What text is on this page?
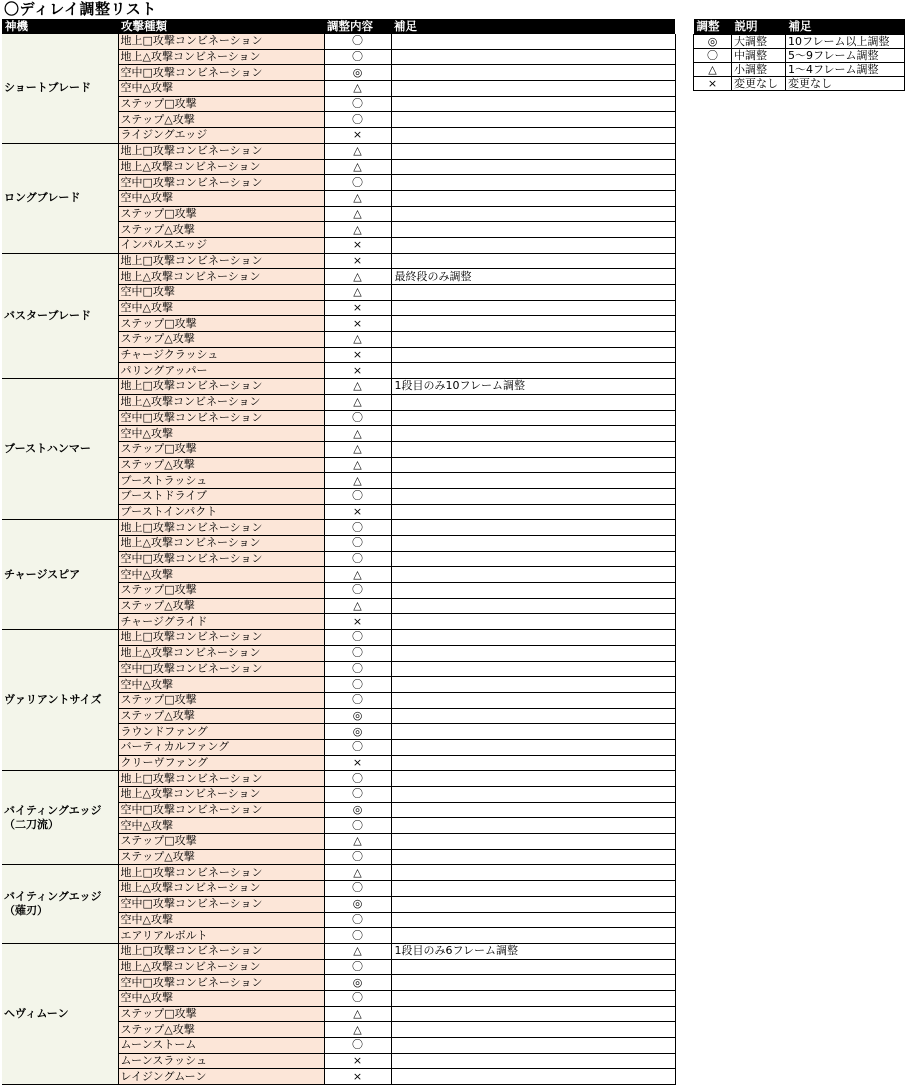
〇ディレイ調整リスト
神機	攻撃種類	調整内容	補足
ショートブレード	地上□攻撃コンビネーション	〇	
	地上△攻撃コンビネーション	〇	
	空中□攻撃コンビネーション	◎	
	空中△攻撃	△	
	ステップ□攻撃	〇	
	ステップ△攻撃	〇	
	ライジングエッジ	×	
ロングブレード	地上□攻撃コンビネーション	△	
	地上△攻撃コンビネーション	△	
	空中□攻撃コンビネーション	〇	
	空中△攻撃	△	
	ステップ□攻撃	△	
	ステップ△攻撃	△	
	インパルスエッジ	×	
バスターブレード	地上□攻撃コンビネーション	×	
	地上△攻撃コンビネーション	△	最終段のみ調整
	空中□攻撃	△	
	空中△攻撃	×	
	ステップ□攻撃	×	
	ステップ△攻撃	△	
	チャージクラッシュ	×	
	パリングアッパー	×	
ブーストハンマー	地上□攻撃コンビネーション	△	1段目のみ10フレーム調整
	地上△攻撃コンビネーション	△	
	空中□攻撃コンビネーション	〇	
	空中△攻撃	△	
	ステップ□攻撃	△	
	ステップ△攻撃	△	
	ブーストラッシュ	△	
	ブーストドライブ	〇	
	ブーストインパクト	×	
チャージスピア	地上□攻撃コンビネーション	〇	
	地上△攻撃コンビネーション	〇	
	空中□攻撃コンビネーション	〇	
	空中△攻撃	△	
	ステップ□攻撃	〇	
	ステップ△攻撃	△	
	チャージグライド	×	
ヴァリアントサイズ	地上□攻撃コンビネーション	〇	
	地上△攻撃コンビネーション	〇	
	空中□攻撃コンビネーション	〇	
	空中△攻撃	〇	
	ステップ□攻撃	〇	
	ステップ△攻撃	◎	
	ラウンドファング	◎	
	バーティカルファング	〇	
	クリーヴファング	×	
バイティングエッジ（二刀流）	地上□攻撃コンビネーション	〇	
	地上△攻撃コンビネーション	〇	
	空中□攻撃コンビネーション	◎	
	空中△攻撃	〇	
	ステップ□攻撃	△	
	ステップ△攻撃	〇	
バイティングエッジ（薙刃）	地上□攻撃コンビネーション	△	
	地上△攻撃コンビネーション	〇	
	空中□攻撃コンビネーション	◎	
	空中△攻撃	〇	
	エアリアルボルト	〇	
ヘヴィムーン	地上□攻撃コンビネーション	△	1段目のみ6フレーム調整
	地上△攻撃コンビネーション	〇	
	空中□攻撃コンビネーション	◎	
	空中△攻撃	〇	
	ステップ□攻撃	△	
	ステップ△攻撃	△	
	ムーンストーム	〇	
	ムーンスラッシュ	×	
	レイジングムーン	×	
調整	説明	補足
◎	大調整	10フレーム以上調整
〇	中調整	5～9フレーム調整
△	小調整	1～4フレーム調整
×	変更なし	変更なし
